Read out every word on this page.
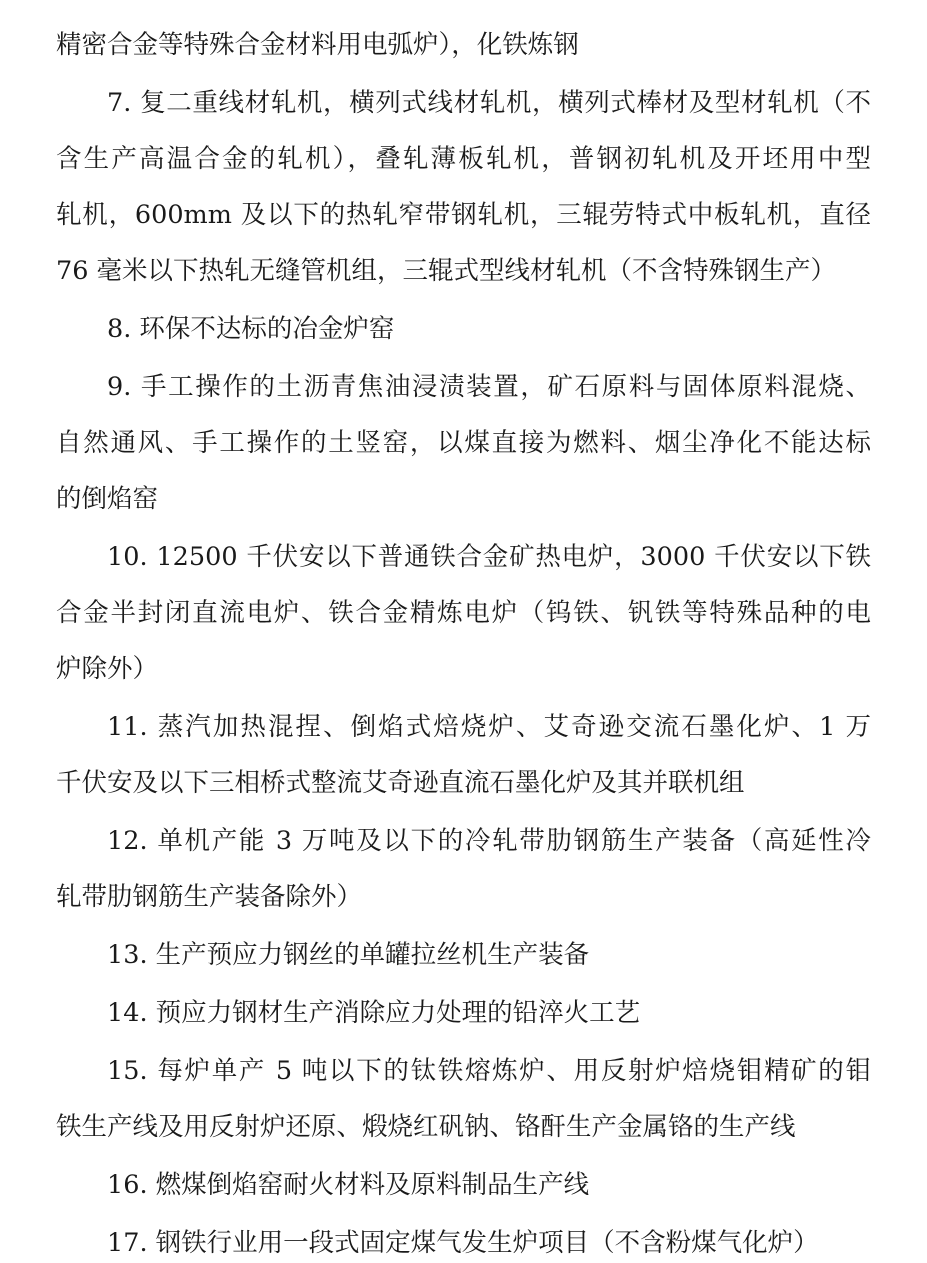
精密合金等特殊合金材料用电弧炉），化铁炼钢
7. 复二重线材轧机，横列式线材轧机，横列式棒材及型材轧机（不
含生产高温合金的轧机），叠轧薄板轧机，普钢初轧机及开坯用中型
轧机，600mm 及以下的热轧窄带钢轧机，三辊劳特式中板轧机，直径
76 毫米以下热轧无缝管机组，三辊式型线材轧机（不含特殊钢生产）
8. 环保不达标的冶金炉窑
9. 手工操作的土沥青焦油浸渍装置，矿石原料与固体原料混烧、
自然通风、手工操作的土竖窑，以煤直接为燃料、烟尘净化不能达标
的倒焰窑
10. 12500 千伏安以下普通铁合金矿热电炉，3000 千伏安以下铁
合金半封闭直流电炉、铁合金精炼电炉（钨铁、钒铁等特殊品种的电
炉除外）
11. 蒸汽加热混捏、倒焰式焙烧炉、艾奇逊交流石墨化炉、1 万
千伏安及以下三相桥式整流艾奇逊直流石墨化炉及其并联机组
12. 单机产能 3 万吨及以下的冷轧带肋钢筋生产装备（高延性冷
轧带肋钢筋生产装备除外）
13. 生产预应力钢丝的单罐拉丝机生产装备
14. 预应力钢材生产消除应力处理的铅淬火工艺
15. 每炉单产 5 吨以下的钛铁熔炼炉、用反射炉焙烧钼精矿的钼
铁生产线及用反射炉还原、煅烧红矾钠、铬酐生产金属铬的生产线
16. 燃煤倒焰窑耐火材料及原料制品生产线
17. 钢铁行业用一段式固定煤气发生炉项目（不含粉煤气化炉）
